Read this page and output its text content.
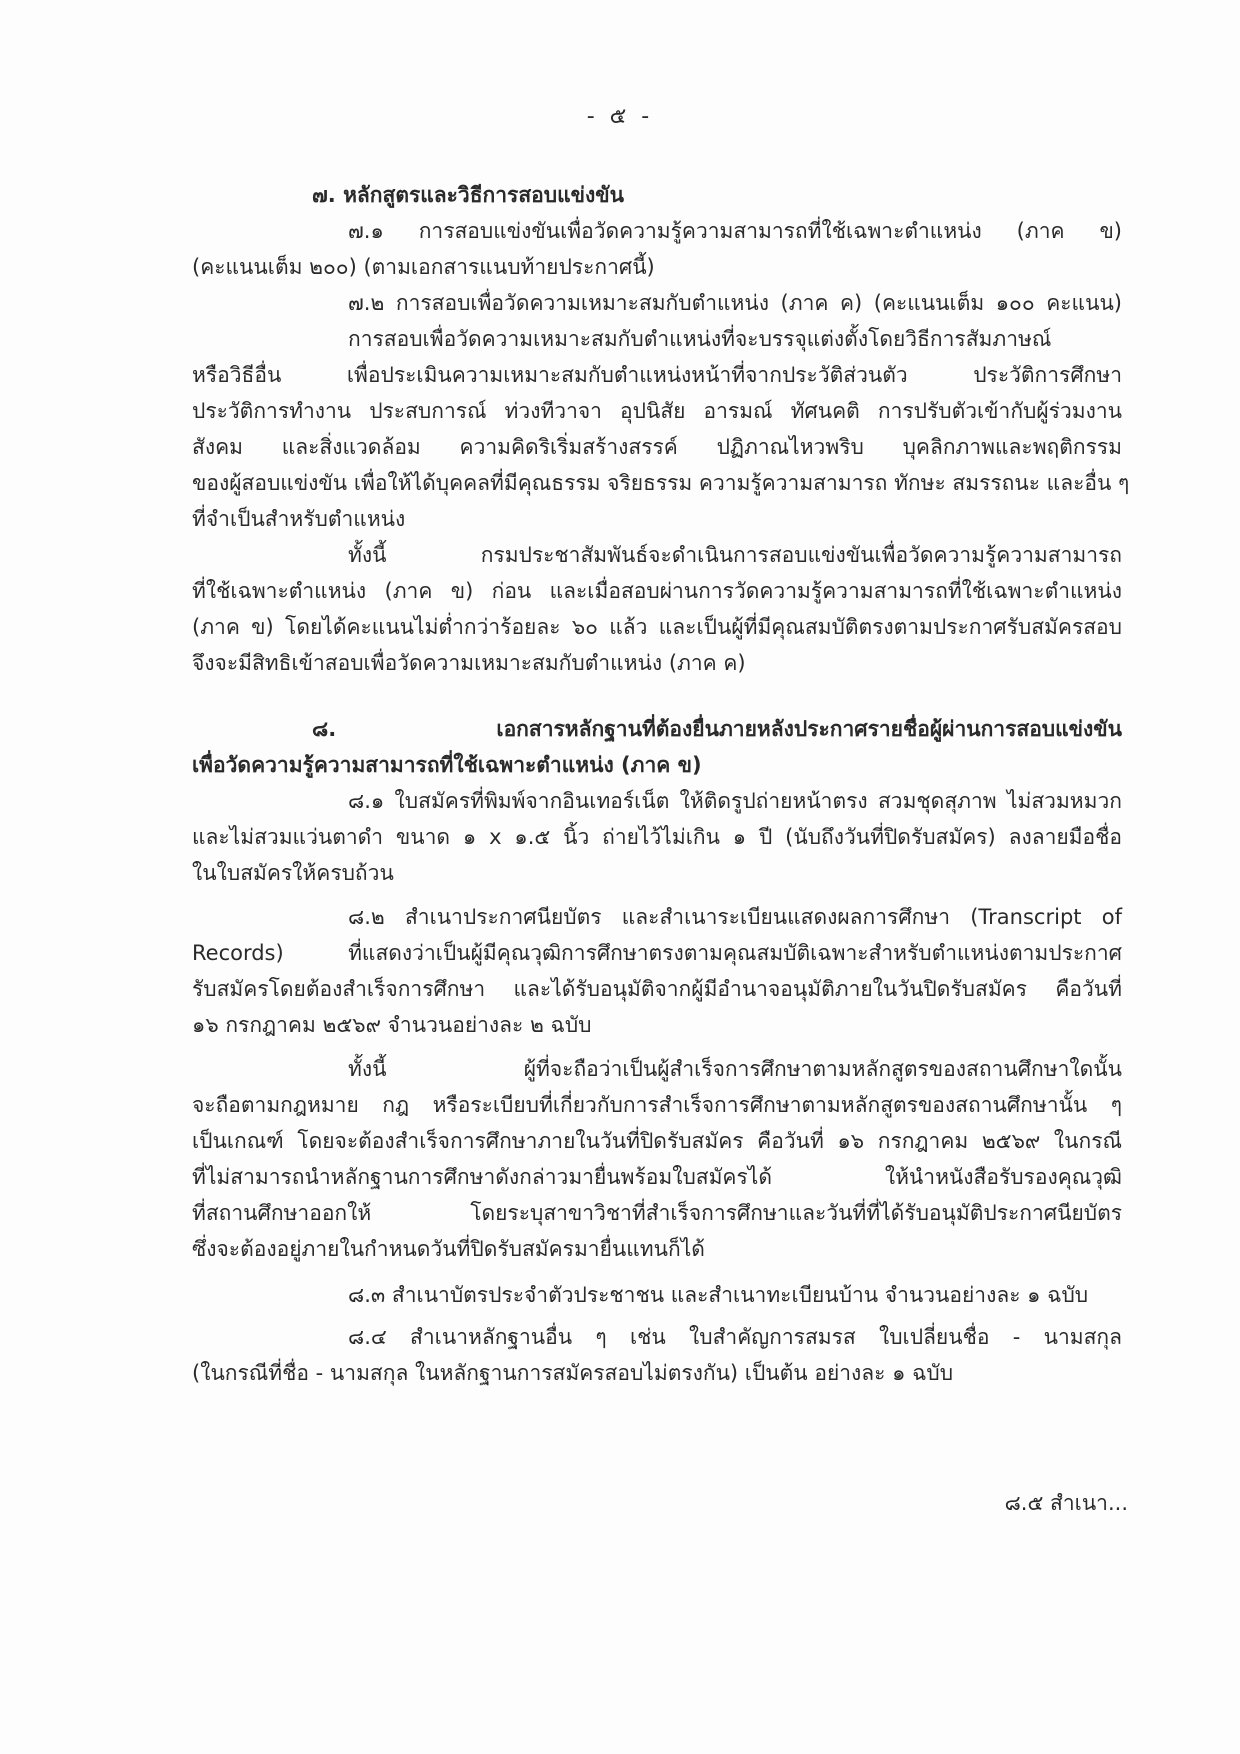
- ๕ -
๗. หลักสูตรและวิธีการสอบแข่งขัน
๗.๑ การสอบแข่งขันเพื่อวัดความรู้ความสามารถที่ใช้เฉพาะตำแหน่ง (ภาค ข)
(คะแนนเต็ม ๒๐๐) (ตามเอกสารแนบท้ายประกาศนี้)
๗.๒ การสอบเพื่อวัดความเหมาะสมกับตำแหน่ง (ภาค ค) (คะแนนเต็ม ๑๐๐ คะแนน)
การสอบเพื่อวัดความเหมาะสมกับตำแหน่งที่จะบรรจุแต่งตั้งโดยวิธีการสัมภาษณ์
หรือวิธีอื่น เพื่อประเมินความเหมาะสมกับตำแหน่งหน้าที่จากประวัติส่วนตัว ประวัติการศึกษา
ประวัติการทำงาน ประสบการณ์ ท่วงทีวาจา อุปนิสัย อารมณ์ ทัศนคติ การปรับตัวเข้ากับผู้ร่วมงาน
สังคม และสิ่งแวดล้อม ความคิดริเริ่มสร้างสรรค์ ปฏิภาณไหวพริบ บุคลิกภาพและพฤติกรรม
ของผู้สอบแข่งขัน เพื่อให้ได้บุคคลที่มีคุณธรรม จริยธรรม ความรู้ความสามารถ ทักษะ สมรรถนะ และอื่น ๆ
ที่จำเป็นสำหรับตำแหน่ง
ทั้งนี้ กรมประชาสัมพันธ์จะดำเนินการสอบแข่งขันเพื่อวัดความรู้ความสามารถ
ที่ใช้เฉพาะตำแหน่ง (ภาค ข) ก่อน และเมื่อสอบผ่านการวัดความรู้ความสามารถที่ใช้เฉพาะตำแหน่ง
(ภาค ข) โดยได้คะแนนไม่ต่ำกว่าร้อยละ ๖๐ แล้ว และเป็นผู้ที่มีคุณสมบัติตรงตามประกาศรับสมัครสอบ
จึงจะมีสิทธิเข้าสอบเพื่อวัดความเหมาะสมกับตำแหน่ง (ภาค ค)
๘. เอกสารหลักฐานที่ต้องยื่นภายหลังประกาศรายชื่อผู้ผ่านการสอบแข่งขัน
เพื่อวัดความรู้ความสามารถที่ใช้เฉพาะตำแหน่ง (ภาค ข)
๘.๑ ใบสมัครที่พิมพ์จากอินเทอร์เน็ต ให้ติดรูปถ่ายหน้าตรง สวมชุดสุภาพ ไม่สวมหมวก
และไม่สวมแว่นตาดำ ขนาด ๑ x ๑.๕ นิ้ว ถ่ายไว้ไม่เกิน ๑ ปี (นับถึงวันที่ปิดรับสมัคร) ลงลายมือชื่อ
ในใบสมัครให้ครบถ้วน
๘.๒ สำเนาประกาศนียบัตร และสำเนาระเบียนแสดงผลการศึกษา (Transcript of
Records) ที่แสดงว่าเป็นผู้มีคุณวุฒิการศึกษาตรงตามคุณสมบัติเฉพาะสำหรับตำแหน่งตามประกาศ
รับสมัครโดยต้องสำเร็จการศึกษา และได้รับอนุมัติจากผู้มีอำนาจอนุมัติภายในวันปิดรับสมัคร คือวันที่
๑๖ กรกฎาคม ๒๕๖๙ จำนวนอย่างละ ๒ ฉบับ
ทั้งนี้ ผู้ที่จะถือว่าเป็นผู้สำเร็จการศึกษาตามหลักสูตรของสถานศึกษาใดนั้น
จะถือตามกฎหมาย กฎ หรือระเบียบที่เกี่ยวกับการสำเร็จการศึกษาตามหลักสูตรของสถานศึกษานั้น ๆ
เป็นเกณฑ์ โดยจะต้องสำเร็จการศึกษาภายในวันที่ปิดรับสมัคร คือวันที่ ๑๖ กรกฎาคม ๒๕๖๙ ในกรณี
ที่ไม่สามารถนำหลักฐานการศึกษาดังกล่าวมายื่นพร้อมใบสมัครได้ ให้นำหนังสือรับรองคุณวุฒิ
ที่สถานศึกษาออกให้ โดยระบุสาขาวิชาที่สำเร็จการศึกษาและวันที่ที่ได้รับอนุมัติประกาศนียบัตร
ซึ่งจะต้องอยู่ภายในกำหนดวันที่ปิดรับสมัครมายื่นแทนก็ได้
๘.๓ สำเนาบัตรประจำตัวประชาชน และสำเนาทะเบียนบ้าน จำนวนอย่างละ ๑ ฉบับ
๘.๔ สำเนาหลักฐานอื่น ๆ เช่น ใบสำคัญการสมรส ใบเปลี่ยนชื่อ - นามสกุล
(ในกรณีที่ชื่อ - นามสกุล ในหลักฐานการสมัครสอบไม่ตรงกัน) เป็นต้น อย่างละ ๑ ฉบับ
๘.๕ สำเนา...
